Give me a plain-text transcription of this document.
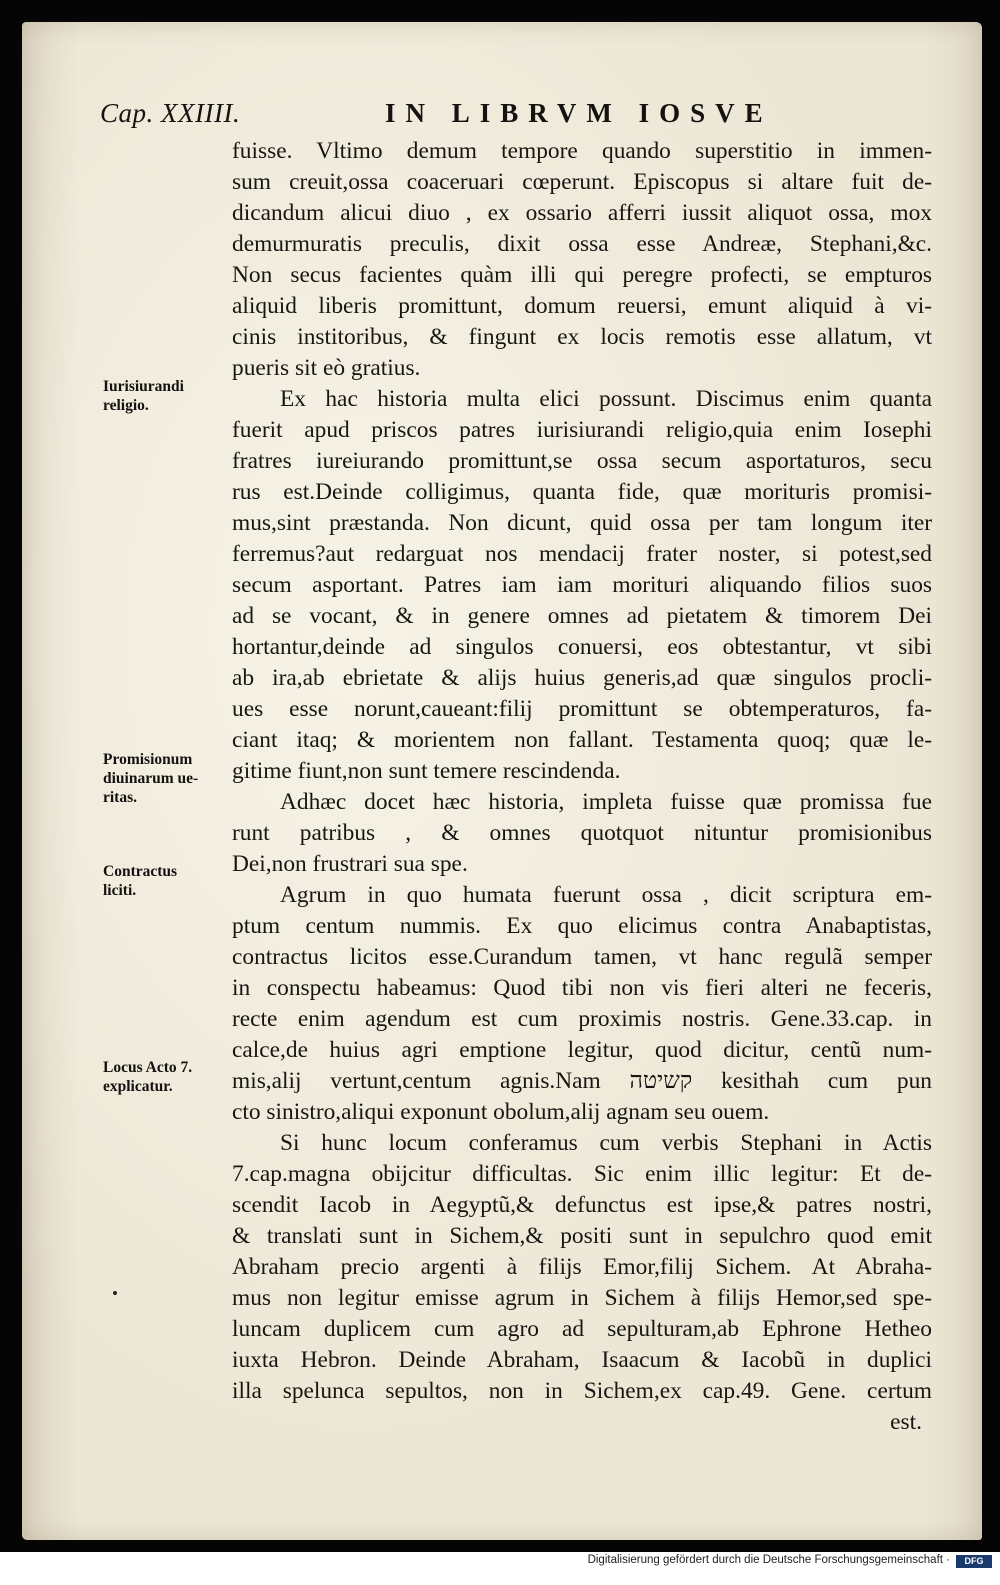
Cap. XXIIII.	IN LIBRVM IOSVE
Iurisiurandi
religio.
Promisionum
diuinarum ue-
ritas.
Contractus
liciti.
Locus Acto 7.
explicatur.
fuisse. Vltimo demum tempore quando superstitio in immen-
sum creuit,ossa coaceruari cœperunt. Episcopus si altare fuit de-
dicandum alicui diuo , ex ossario afferri iussit aliquot ossa, mox
demurmuratis preculis, dixit ossa esse Andreæ, Stephani,&c.
Non secus facientes quàm illi qui peregre profecti, se empturos
aliquid liberis promittunt, domum reuersi, emunt aliquid à vi-
cinis institoribus, & fingunt ex locis remotis esse allatum, vt
pueris sit eò gratius.
Ex hac historia multa elici possunt. Discimus enim quanta
fuerit apud priscos patres iurisiurandi religio,quia enim Iosephi
fratres iureiurando promittunt,se ossa secum asportaturos, secu
rus est.Deinde colligimus, quanta fide, quæ morituris promisi-
mus,sint præstanda. Non dicunt, quid ossa per tam longum iter
ferremus?aut redarguat nos mendacij frater noster, si potest,sed
secum asportant. Patres iam iam morituri aliquando filios suos
ad se vocant, & in genere omnes ad pietatem & timorem Dei
hortantur,deinde ad singulos conuersi, eos obtestantur, vt sibi
ab ira,ab ebrietate & alijs huius generis,ad quæ singulos procli-
ues esse norunt,caueant:filij promittunt se obtemperaturos, fa-
ciant itaq; & morientem non fallant. Testamenta quoq; quæ le-
gitime fiunt,non sunt temere rescindenda.
Adhæc docet hæc historia, impleta fuisse quæ promissa fue
runt patribus , & omnes quotquot nituntur promisionibus
Dei,non frustrari sua spe.
Agrum in quo humata fuerunt ossa , dicit scriptura em-
ptum centum nummis. Ex quo elicimus contra Anabaptistas,
contractus licitos esse.Curandum tamen, vt hanc regulã semper
in conspectu habeamus: Quod tibi non vis fieri alteri ne feceris,
recte enim agendum est cum proximis nostris. Gene.33.cap. in
calce,de huius agri emptione legitur, quod dicitur, centũ num-
mis,alij vertunt,centum agnis.Nam קשיטה kesithah cum pun
cto sinistro,aliqui exponunt obolum,alij agnam seu ouem.
Si hunc locum conferamus cum verbis Stephani in Actis
7.cap.magna obijcitur difficultas. Sic enim illic legitur: Et de-
scendit Iacob in Aegyptũ,& defunctus est ipse,& patres nostri,
& translati sunt in Sichem,& positi sunt in sepulchro quod emit
Abraham precio argenti à filijs Emor,filij Sichem. At Abraha-
mus non legitur emisse agrum in Sichem à filijs Hemor,sed spe-
luncam duplicem cum agro ad sepulturam,ab Ephrone Hetheo
iuxta Hebron. Deinde Abraham, Isaacum & Iacobũ in duplici
illa spelunca sepultos, non in Sichem,ex cap.49. Gene. certum
est.
Digitalisierung gefördert durch die Deutsche Forschungsgemeinschaft ·	DFG
